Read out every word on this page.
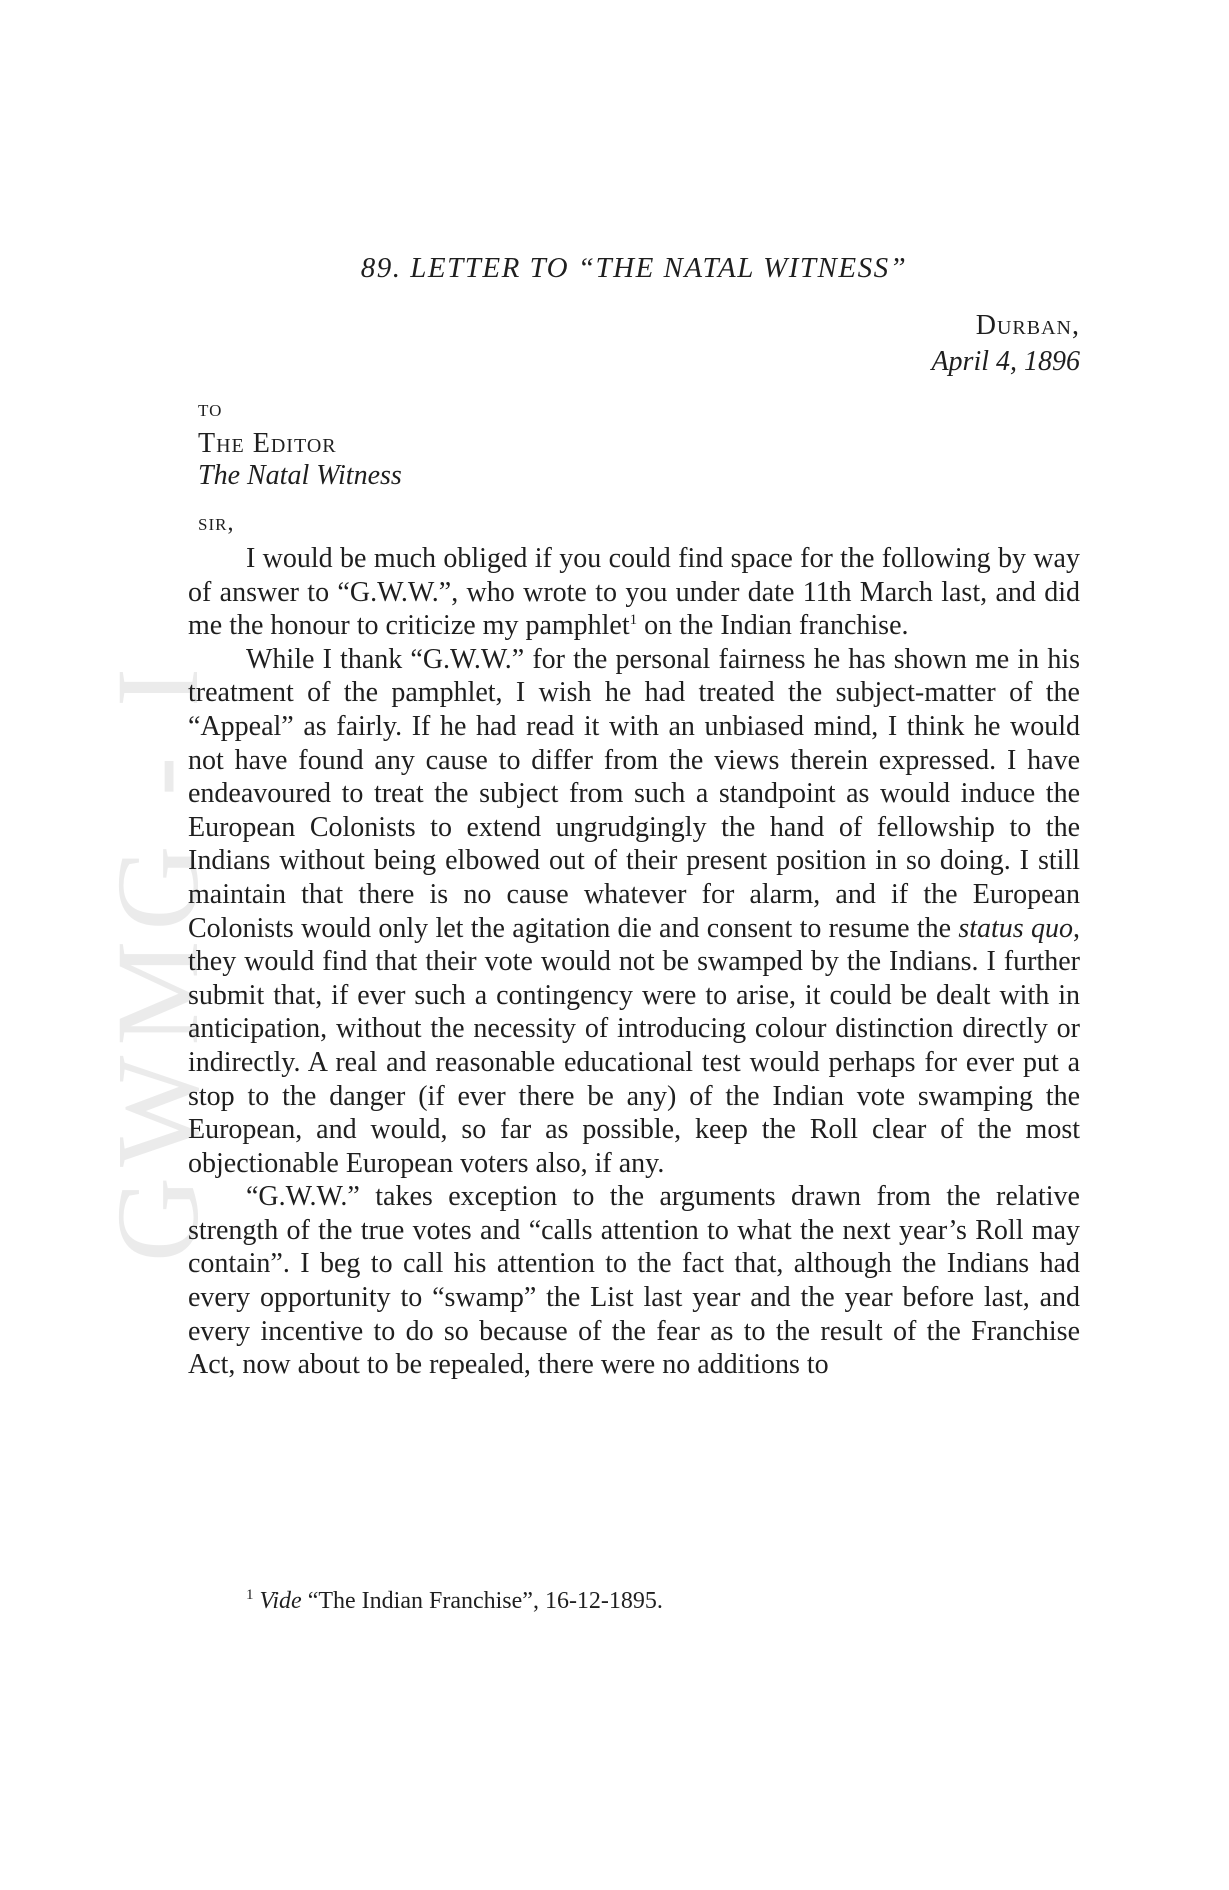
GWMG - I
89. LETTER TO “THE NATAL WITNESS”
Durban,
April 4, 1896
to
The Editor
The Natal Witness
sir,

I would be much obliged if you could find space for the following by way of answer to “G.W.W.”, who wrote to you under date 11th March last, and did me the honour to criticize my pamphlet$^1$ on the Indian franchise.

While I thank “G.W.W.” for the personal fairness he has shown me in his treatment of the pamphlet, I wish he had treated the subject-matter of the “Appeal” as fairly. If he had read it with an unbiased mind, I think he would not have found any cause to differ from the views therein expressed. I have endeavoured to treat the subject from such a standpoint as would induce the European Colonists to extend ungrudgingly the hand of fellowship to the Indians without being elbowed out of their present position in so doing. I still maintain that there is no cause whatever for alarm, and if the European Colonists would only let the agitation die and consent to resume the status quo, they would find that their vote would not be swamped by the Indians. I further submit that, if ever such a contingency were to arise, it could be dealt with in anticipation, without the necessity of introducing colour distinction directly or indirectly. A real and reasonable educational test would perhaps for ever put a stop to the danger (if ever there be any) of the Indian vote swamping the European, and would, so far as possible, keep the Roll clear of the most objectionable European voters also, if any.

“G.W.W.” takes exception to the arguments drawn from the relative strength of the true votes and “calls attention to what the next year’s Roll may contain”. I beg to call his attention to the fact that, although the Indians had every opportunity to “swamp” the List last year and the year before last, and every incentive to do so because of the fear as to the result of the Franchise Act, now about to be repealed, there were no additions to

$^1$ Vide “The Indian Franchise”, 16-12-1895.
